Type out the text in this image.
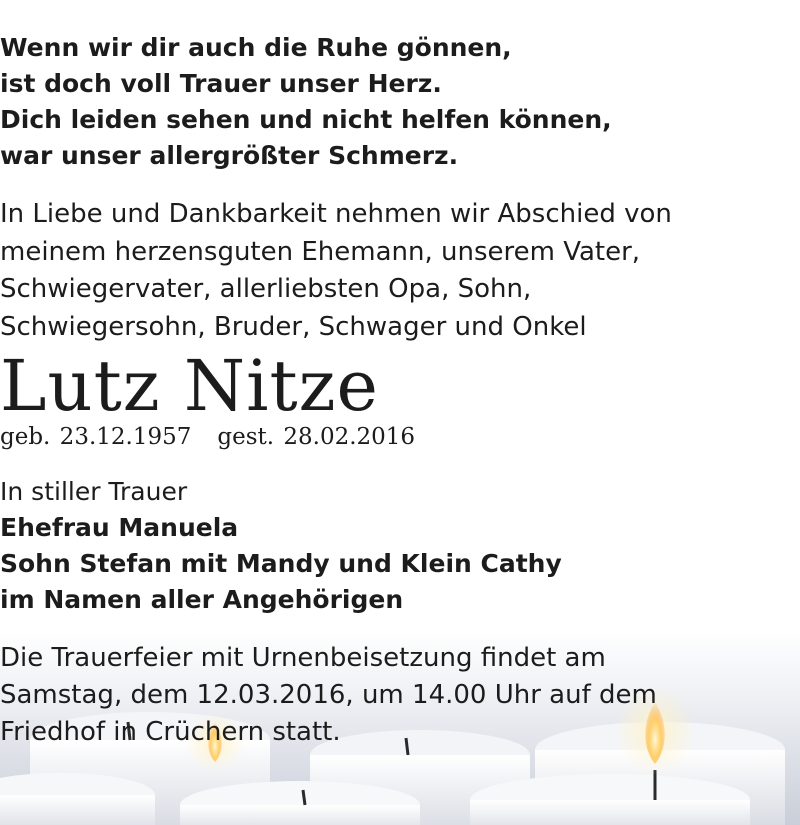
Wenn wir dir auch die Ruhe gönnen,
ist doch voll Trauer unser Herz.
Dich leiden sehen und nicht helfen können,
war unser allergrößter Schmerz.
In Liebe und Dankbarkeit nehmen wir Abschied von
meinem herzensguten Ehemann, unserem Vater,
Schwiegervater, allerliebsten Opa, Sohn,
Schwiegersohn, Bruder, Schwager und Onkel
Lutz Nitze
geb. 23.12.1957 gest. 28.02.2016
In stiller Trauer
Ehefrau Manuela
Sohn Stefan mit Mandy und Klein Cathy
im Namen aller Angehörigen
Die Trauerfeier mit Urnenbeisetzung findet am
Samstag, dem 12.03.2016, um 14.00 Uhr auf dem
Friedhof in Crüchern statt.
